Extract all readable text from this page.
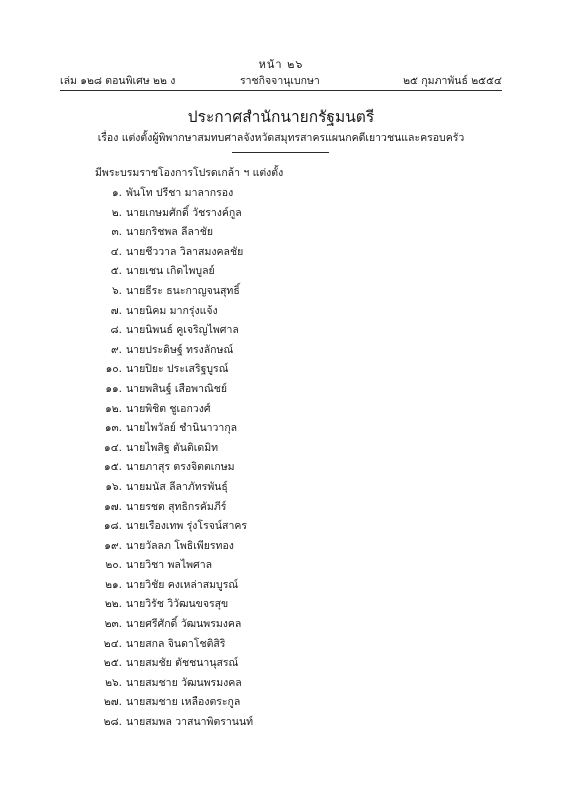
หน้า ๒๖
เล่ม ๑๒๘ ตอนพิเศษ ๒๒ ง	ราชกิจจานุเบกษา	๒๕ กุมภาพันธ์ ๒๕๕๔
ประกาศสำนักนายกรัฐมนตรี
เรื่อง แต่งตั้งผู้พิพากษาสมทบศาลจังหวัดสมุทรสาครแผนกคดีเยาวชนและครอบครัว
มีพระบรมราชโองการโปรดเกล้า ฯ แต่งตั้ง
๑. พันโท ปรีชา มาลากรอง
๒. นายเกษมศักดิ์ วัชรางค์กูล
๓. นายกริชพล ลีลาชัย
๔. นายชีววาล วิลาสมงคลชัย
๕. นายเชน เกิดไพบูลย์
๖. นายธีระ ธนะกาญจนสุทธิ์
๗. นายนิคม มากรุ่งแจ้ง
๘. นายนิพนธ์ คูเจริญไพศาล
๙. นายประดิษฐ์ ทรงลักษณ์
๑๐. นายปิยะ ประเสริฐบูรณ์
๑๑. นายพสินฐ์ เสือพาณิชย์
๑๒. นายพิชิต ชูเอกวงศ์
๑๓. นายไพวัลย์ ชำนินาวากุล
๑๔. นายไพสิฐ ตันติเดมิท
๑๕. นายภาสุร ตรงจิตตเกษม
๑๖. นายมนัส ลีลาภัทรพันธุ์
๑๗. นายรชต สุทธิกรคัมภีร์
๑๘. นายเรืองเทพ รุ่งโรจน์สาคร
๑๙. นายวัลลภ โพธิเพียรทอง
๒๐. นายวิชา พลไพศาล
๒๑. นายวิชัย คงเหล่าสมบูรณ์
๒๒. นายวิรัช วิวัฒนขจรสุข
๒๓. นายศรีศักดิ์ วัฒนพรมงคล
๒๔. นายสกล จินดาโชติสิริ
๒๕. นายสมชัย ตัชชนานุสรณ์
๒๖. นายสมชาย วัฒนพรมงคล
๒๗. นายสมชาย เหลืองตระกูล
๒๘. นายสมพล วาสนาพิตรานนท์
